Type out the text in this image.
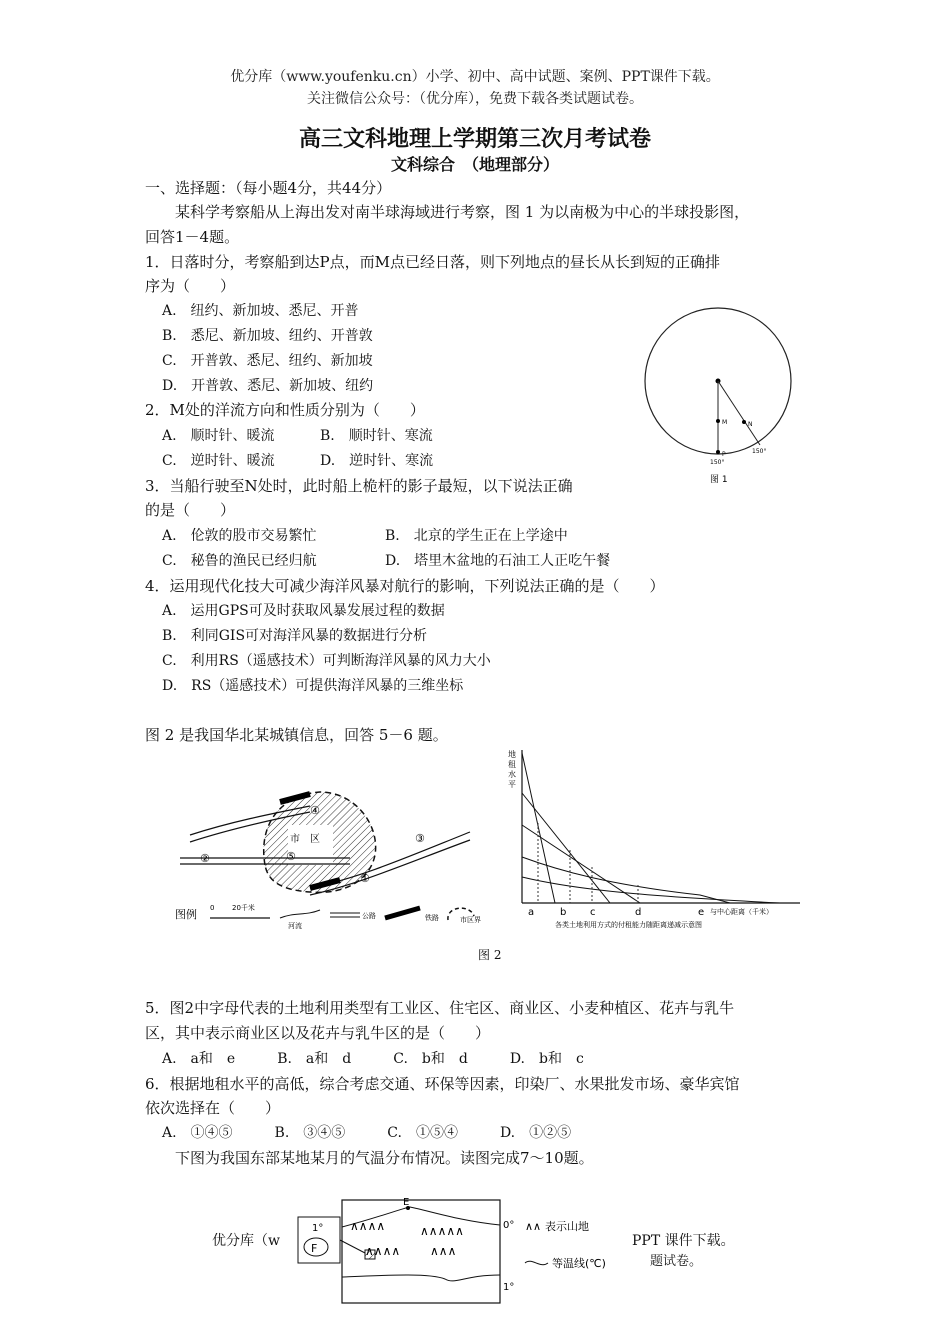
优分库（www.youfenku.cn）小学、初中、高中试题、案例、PPT课件下载。
关注微信公众号：（优分库），免费下载各类试题试卷。
高三文科地理上学期第三次月考试卷
文科综合　（地理部分）
一、选择题：（每小题4分，共44分）
　　某科学考察船从上海出发对南半球海域进行考察，图 1 为以南极为中心的半球投影图，
回答1－4题。
1．日落时分，考察船到达P点，而M点已经日落，则下列地点的昼长从长到短的正确排
序为（　　）
A.　纽约、新加坡、悉尼、开普
B.　悉尼、新加坡、纽约、开普敦
C.　开普敦、悉尼、纽约、新加坡
D.　开普敦、悉尼、新加坡、纽约
2．M处的洋流方向和性质分别为（　　）
A.　顺时针、暖流	B.　顺时针、寒流
C.　逆时针、暖流	D.　逆时针、寒流
3．当船行驶至N处时，此时船上桅杆的影子最短，以下说法正确
的是（　　）
A.　伦敦的股市交易繁忙	B.　北京的学生正在上学途中
C.　秘鲁的渔民已经归航	D.　塔里木盆地的石油工人正吃午餐
4．运用现代化技大可减少海洋风暴对航行的影响，下列说法正确的是（　　）
A.　运用GPS可及时获取风暴发展过程的数据
B.　利同GIS可对海洋风暴的数据进行分析
C.　利用RS（遥感技术）可判断海洋风暴的风力大小
D.　RS（遥感技术）可提供海洋风暴的三维坐标
M	N
P
150°
150°
图 1
图 2 是我国华北某城镇信息，回答 5－6 题。
市　区
④
②
③
⑤
①
图例 0	20千米
河流
公路	铁路	市区界
地
租
水
平
a	b c	d	e 与中心距离（千米）
各类土地利用方式的付租能力随距离递减示意图
图 2
5．图2中字母代表的土地利用类型有工业区、住宅区、商业区、小麦种植区、花卉与乳牛
区，其中表示商业区以及花卉与乳牛区的是（　　）
A.　a和　e　　　B.　a和　d　　　C.　b和　d　　　D.　b和　c
6．根据地租水平的高低，综合考虑交通、环保等因素，印染厂、水果批发市场、豪华宾馆
依次选择在（　　）
A.　①④⑤　　　B.　③④⑤　　　C.　①⑤④　　　D.　①②⑤
　　下图为我国东部某地某月的气温分布情况。读图完成7～10题。
1°
F
E
∧∧∧∧	∧∧∧∧∧
∧∧∧∧ ∧∧∧
0°
1°
∧∧ 表示山地
等温线(℃)
优分库（w	PPT 课件下载。
题试卷。
